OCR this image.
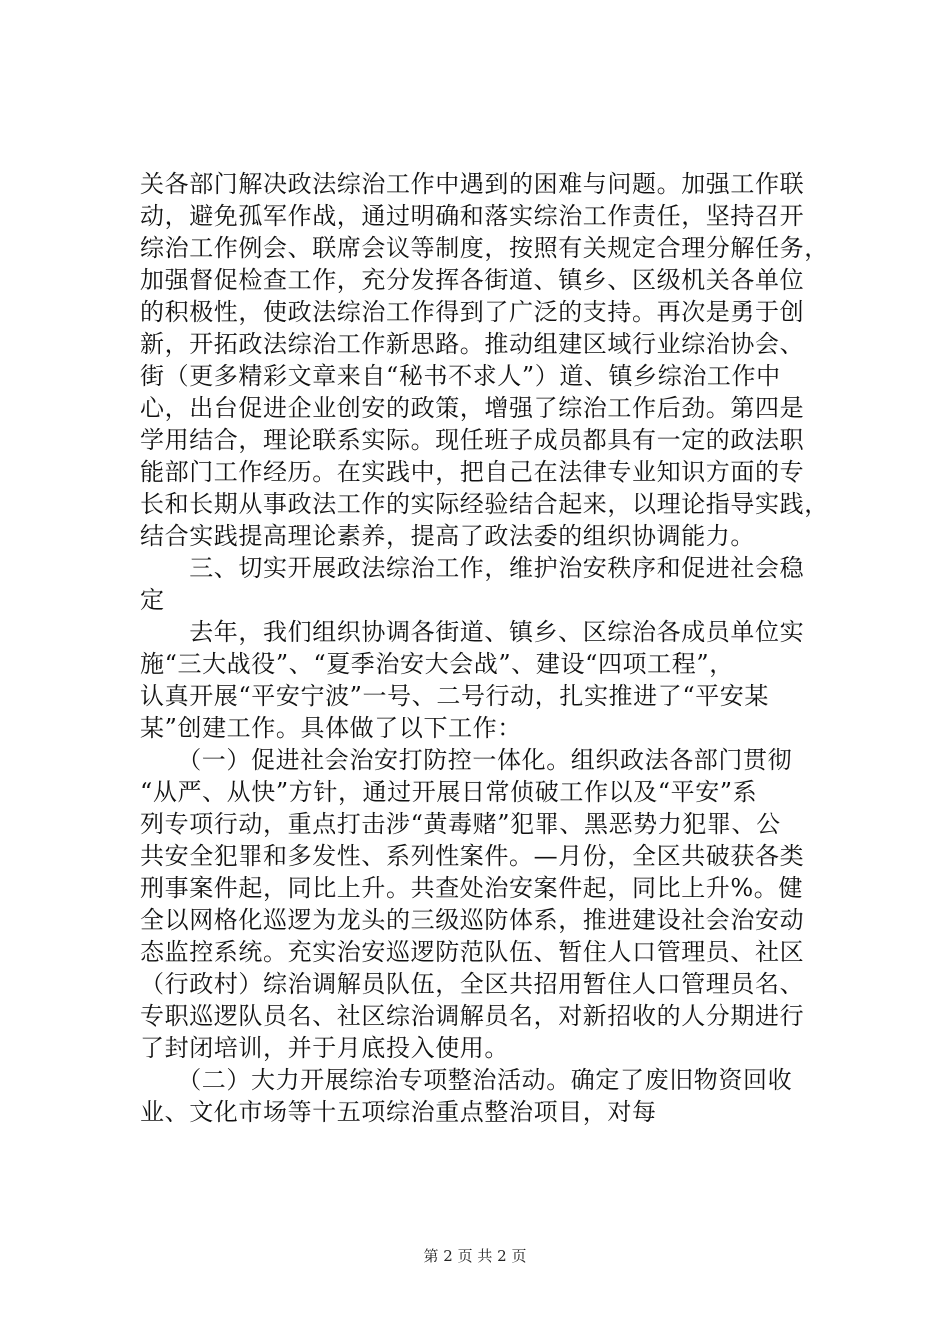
关各部门解决政法综治工作中遇到的困难与问题。加强工作联
动，避免孤军作战，通过明确和落实综治工作责任，坚持召开
综治工作例会、联席会议等制度，按照有关规定合理分解任务，
加强督促检查工作，充分发挥各街道、镇乡、区级机关各单位
的积极性，使政法综治工作得到了广泛的支持。再次是勇于创
新，开拓政法综治工作新思路。推动组建区域行业综治协会、
街（更多精彩文章来自“秘书不求人”）道、镇乡综治工作中
心，出台促进企业创安的政策，增强了综治工作后劲。第四是
学用结合，理论联系实际。现任班子成员都具有一定的政法职
能部门工作经历。在实践中，把自己在法律专业知识方面的专
长和长期从事政法工作的实际经验结合起来，以理论指导实践，
结合实践提高理论素养，提高了政法委的组织协调能力。
　　三、切实开展政法综治工作，维护治安秩序和促进社会稳
定
　　去年，我们组织协调各街道、镇乡、区综治各成员单位实
施“三大战役”、“夏季治安大会战”、建设“四项工程”，
认真开展“平安宁波”一号、二号行动，扎实推进了“平安某
某”创建工作。具体做了以下工作：
　　（一）促进社会治安打防控一体化。组织政法各部门贯彻
“从严、从快”方针，通过开展日常侦破工作以及“平安”系
列专项行动，重点打击涉“黄毒赌”犯罪、黑恶势力犯罪、公
共安全犯罪和多发性、系列性案件。—月份，全区共破获各类
刑事案件起，同比上升。共查处治安案件起，同比上升%。健
全以网格化巡逻为龙头的三级巡防体系，推进建设社会治安动
态监控系统。充实治安巡逻防范队伍、暂住人口管理员、社区
（行政村）综治调解员队伍，全区共招用暂住人口管理员名、
专职巡逻队员名、社区综治调解员名，对新招收的人分期进行
了封闭培训，并于月底投入使用。
　　（二）大力开展综治专项整治活动。确定了废旧物资回收
业、文化市场等十五项综治重点整治项目，对每
第 2 页 共 2 页
